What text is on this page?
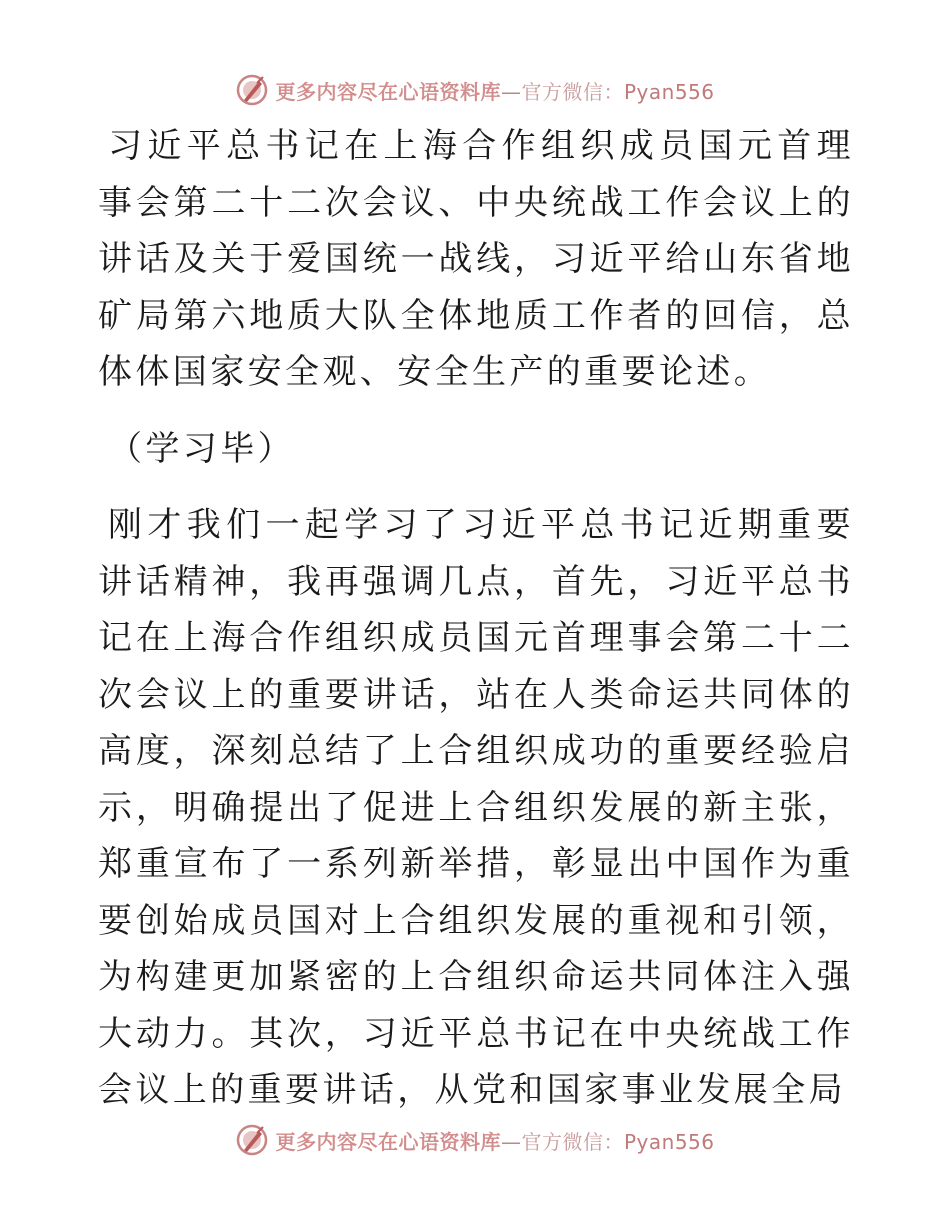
更多内容尽在心语资料库—官方微信：Pyan556

习近平总书记在上海合作组织成员国元首理事会第二十二次会议、中央统战工作会议上的讲话及关于爱国统一战线，习近平给山东省地矿局第六地质大队全体地质工作者的回信，总体体国家安全观、安全生产的重要论述。

（学习毕）

刚才我们一起学习了习近平总书记近期重要讲话精神，我再强调几点，首先，习近平总书记在上海合作组织成员国元首理事会第二十二次会议上的重要讲话，站在人类命运共同体的高度，深刻总结了上合组织成功的重要经验启示，明确提出了促进上合组织发展的新主张，郑重宣布了一系列新举措，彰显出中国作为重要创始成员国对上合组织发展的重视和引领，为构建更加紧密的上合组织命运共同体注入强大动力。其次，习近平总书记在中央统战工作会议上的重要讲话，从党和国家事业发展全局

更多内容尽在心语资料库—官方微信：Pyan556
